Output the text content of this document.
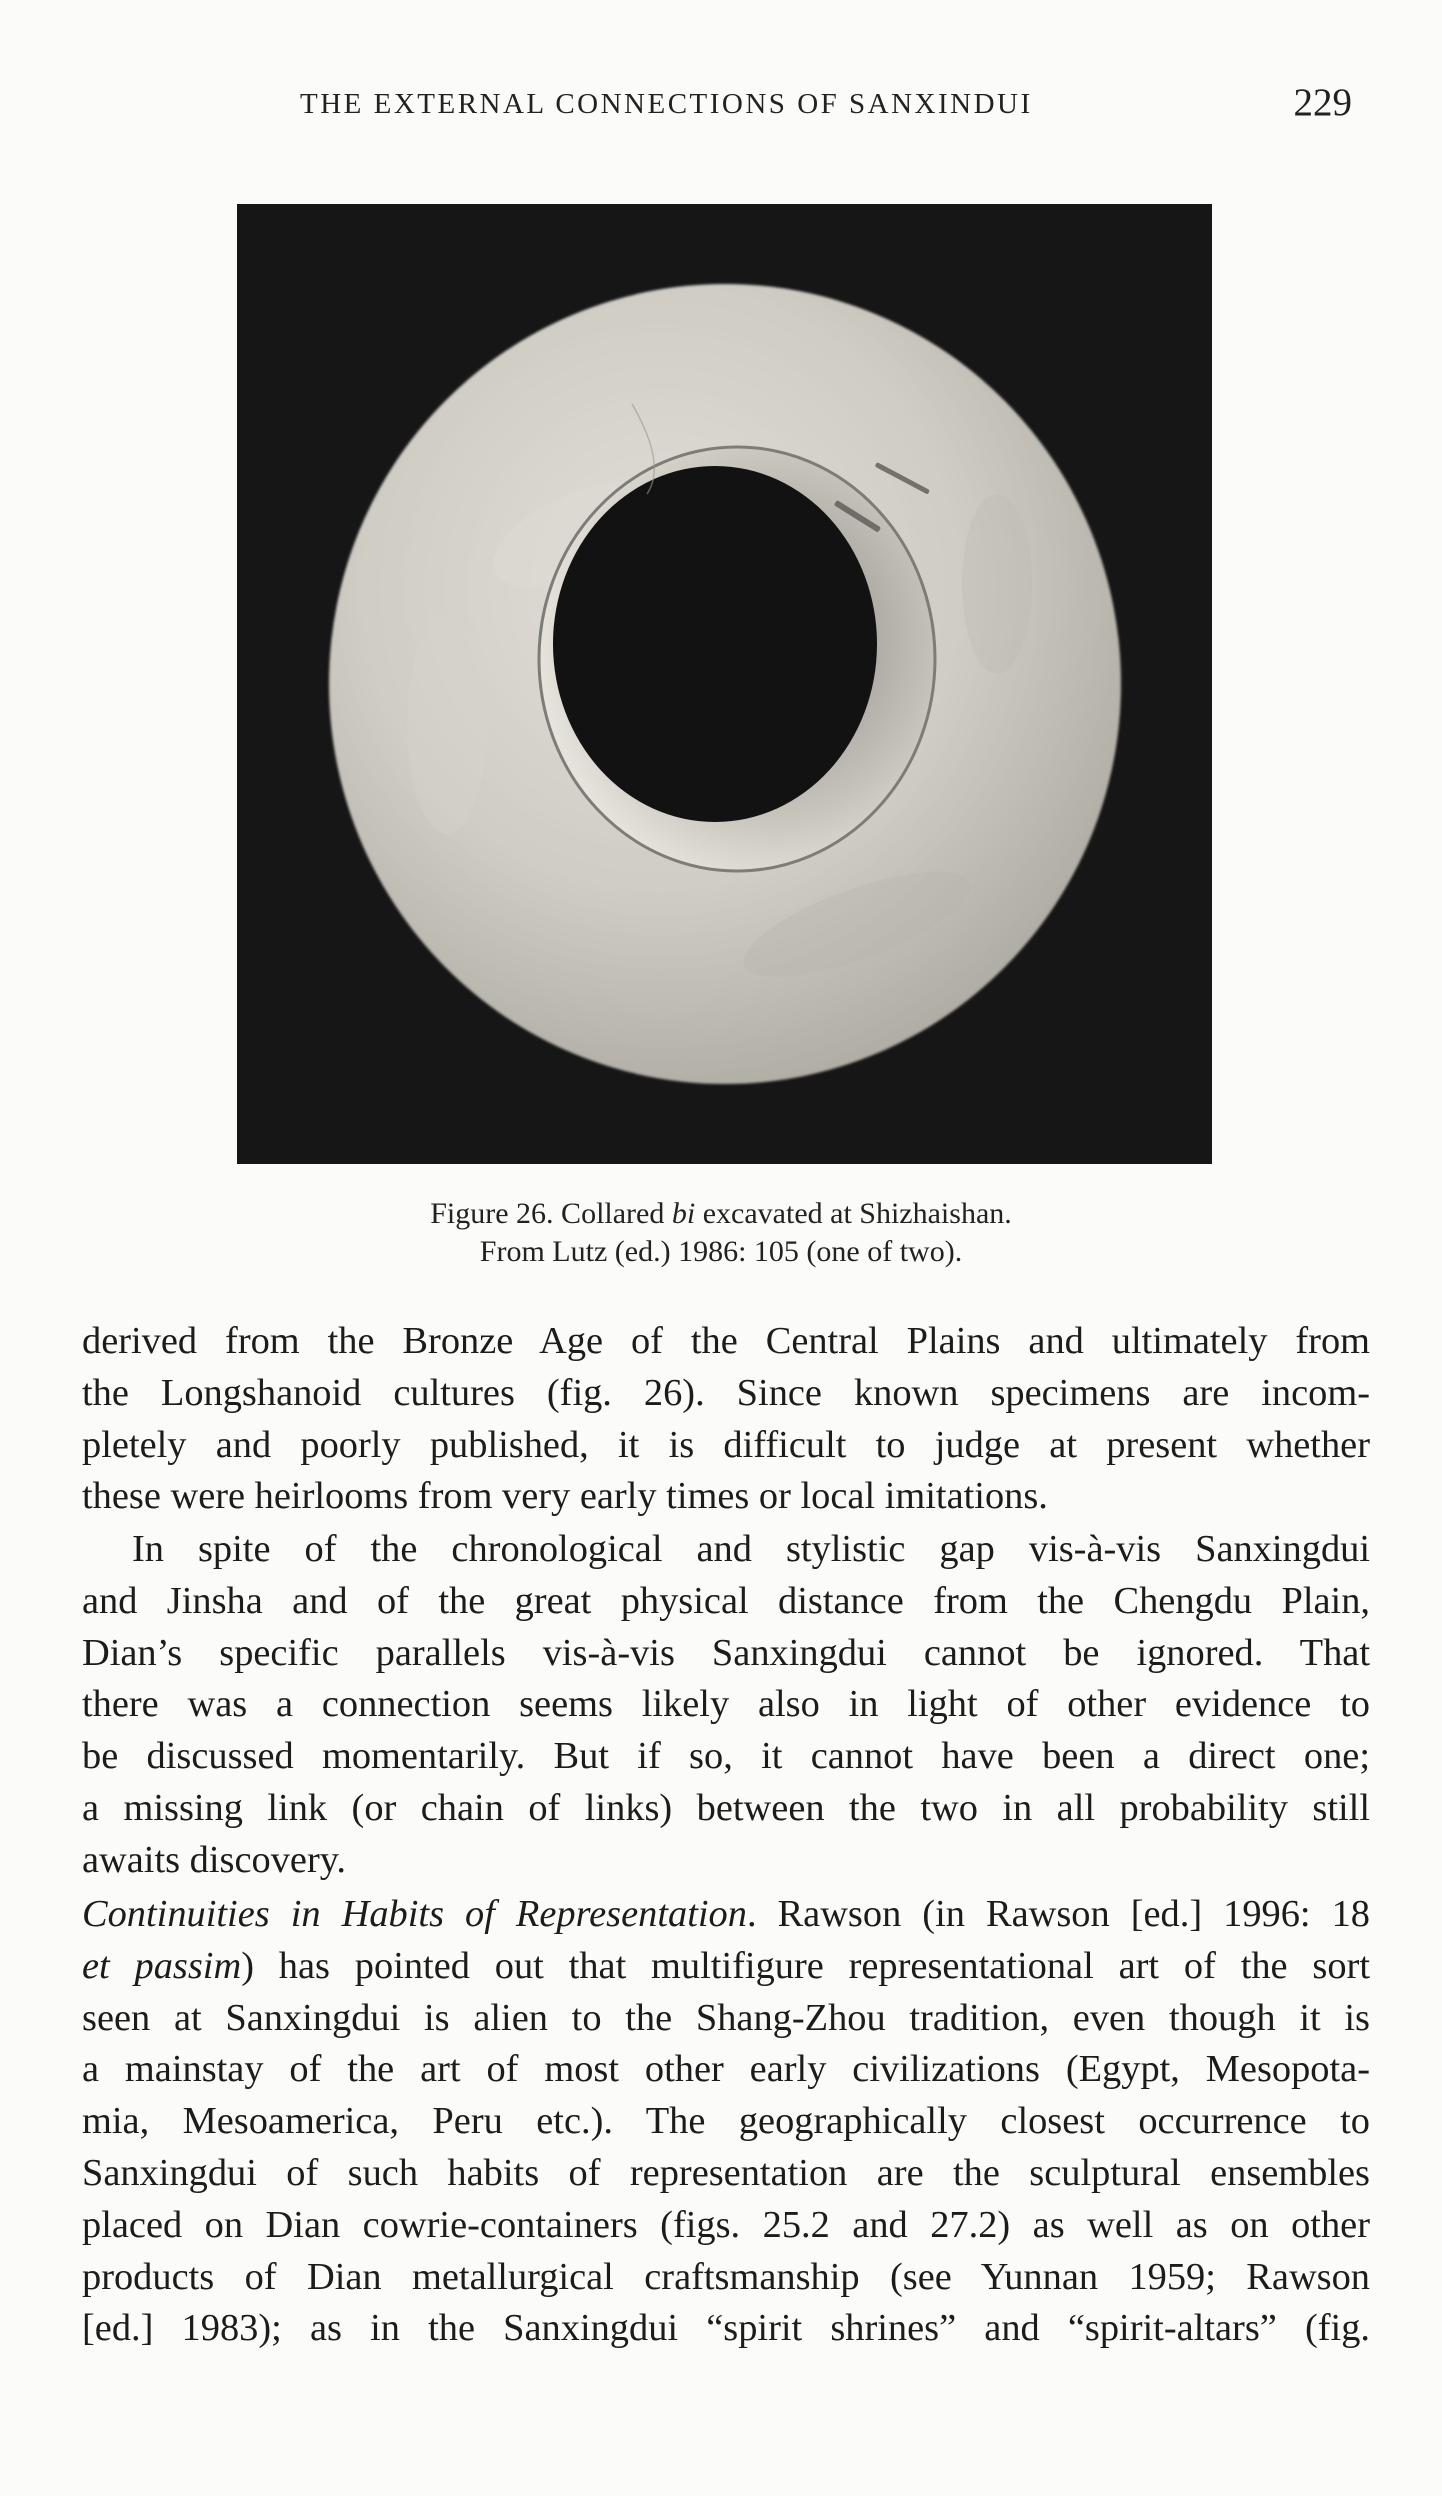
THE EXTERNAL CONNECTIONS OF SANXINDUI	229
Figure 26. Collared bi excavated at Shizhaishan.
From Lutz (ed.) 1986: 105 (one of two).
derived from the Bronze Age of the Central Plains and ultimately from
the Longshanoid cultures (fig. 26). Since known specimens are incom-
pletely and poorly published, it is difficult to judge at present whether
these were heirlooms from very early times or local imitations.
In spite of the chronological and stylistic gap vis-à-vis Sanxingdui
and Jinsha and of the great physical distance from the Chengdu Plain,
Dian’s specific parallels vis-à-vis Sanxingdui cannot be ignored. That
there was a connection seems likely also in light of other evidence to
be discussed momentarily. But if so, it cannot have been a direct one;
a missing link (or chain of links) between the two in all probability still
awaits discovery.
Continuities in Habits of Representation. Rawson (in Rawson [ed.] 1996: 18
et passim) has pointed out that multifigure representational art of the sort
seen at Sanxingdui is alien to the Shang-Zhou tradition, even though it is
a mainstay of the art of most other early civilizations (Egypt, Mesopota-
mia, Mesoamerica, Peru etc.). The geographically closest occurrence to
Sanxingdui of such habits of representation are the sculptural ensembles
placed on Dian cowrie-containers (figs. 25.2 and 27.2) as well as on other
products of Dian metallurgical craftsmanship (see Yunnan 1959; Rawson
[ed.] 1983); as in the Sanxingdui “spirit shrines” and “spirit-altars” (fig.
